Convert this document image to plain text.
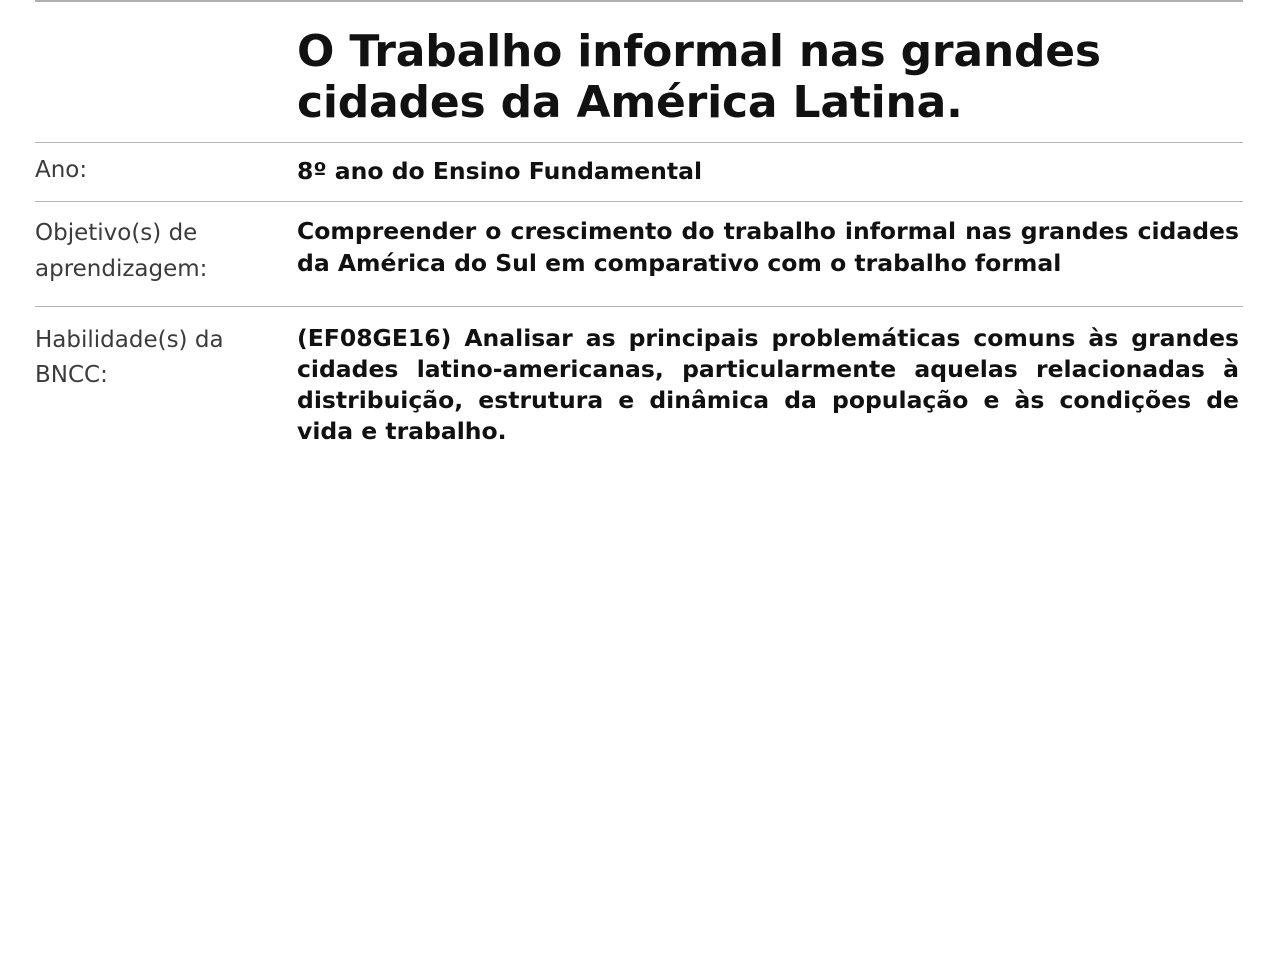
O Trabalho informal nas grandes cidades da América Latina.
Ano:	8º ano do Ensino Fundamental
Objetivo(s) de aprendizagem:
Compreender o crescimento do trabalho informal nas grandes cidades da América do Sul em comparativo com o trabalho formal
Habilidade(s) da BNCC:
(EF08GE16) Analisar as principais problemáticas comuns às grandes cidades latino-americanas, particularmente aquelas relacionadas à distribuição, estrutura e dinâmica da população e às condições de vida e trabalho.
